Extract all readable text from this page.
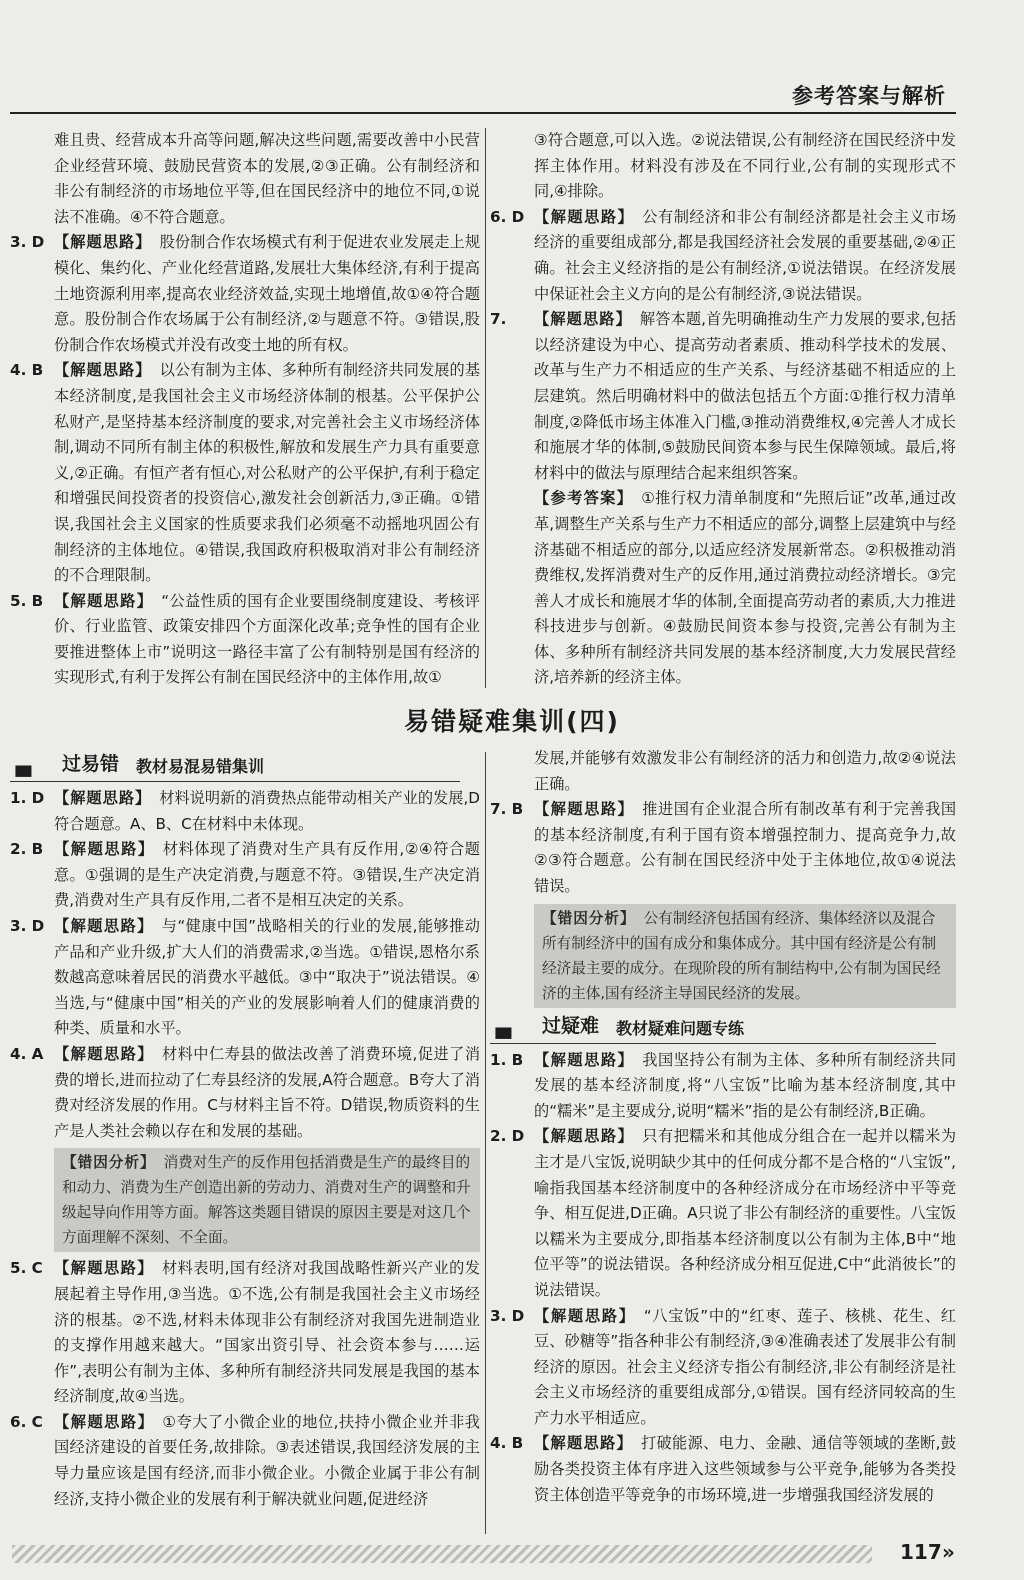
参考答案与解析
难且贵、经营成本升高等问题,解决这些问题,需要改善中小民营企业经营环境、鼓励民营资本的发展,②③正确。公有制经济和非公有制经济的市场地位平等,但在国民经济中的地位不同,①说法不准确。④不符合题意。
3. D 【解题思路】 股份制合作农场模式有利于促进农业发展走上规模化、集约化、产业化经营道路,发展壮大集体经济,有利于提高土地资源利用率,提高农业经济效益,实现土地增值,故①④符合题意。股份制合作农场属于公有制经济,②与题意不符。③错误,股份制合作农场模式并没有改变土地的所有权。
4. B 【解题思路】 以公有制为主体、多种所有制经济共同发展的基本经济制度,是我国社会主义市场经济体制的根基。公平保护公私财产,是坚持基本经济制度的要求,对完善社会主义市场经济体制,调动不同所有制主体的积极性,解放和发展生产力具有重要意义,②正确。有恒产者有恒心,对公私财产的公平保护,有利于稳定和增强民间投资者的投资信心,激发社会创新活力,③正确。①错误,我国社会主义国家的性质要求我们必须毫不动摇地巩固公有制经济的主体地位。④错误,我国政府积极取消对非公有制经济的不合理限制。
5. B 【解题思路】 “公益性质的国有企业要围绕制度建设、考核评价、行业监管、政策安排四个方面深化改革;竞争性的国有企业要推进整体上市”说明这一路径丰富了公有制特别是国有经济的实现形式,有利于发挥公有制在国民经济中的主体作用,故①
③符合题意,可以入选。②说法错误,公有制经济在国民经济中发挥主体作用。材料没有涉及在不同行业,公有制的实现形式不同,④排除。
6. D 【解题思路】 公有制经济和非公有制经济都是社会主义市场经济的重要组成部分,都是我国经济社会发展的重要基础,②④正确。社会主义经济指的是公有制经济,①说法错误。在经济发展中保证社会主义方向的是公有制经济,③说法错误。
7. 【解题思路】 解答本题,首先明确推动生产力发展的要求,包括以经济建设为中心、提高劳动者素质、推动科学技术的发展、改革与生产力不相适应的生产关系、与经济基础不相适应的上层建筑。然后明确材料中的做法包括五个方面:①推行权力清单制度,②降低市场主体准入门槛,③推动消费维权,④完善人才成长和施展才华的体制,⑤鼓励民间资本参与民生保障领域。最后,将材料中的做法与原理结合起来组织答案。
【参考答案】 ①推行权力清单制度和“先照后证”改革,通过改革,调整生产关系与生产力不相适应的部分,调整上层建筑中与经济基础不相适应的部分,以适应经济发展新常态。②积极推动消费维权,发挥消费对生产的反作用,通过消费拉动经济增长。③完善人才成长和施展才华的体制,全面提高劳动者的素质,大力推进科技进步与创新。④鼓励民间资本参与投资,完善公有制为主体、多种所有制经济共同发展的基本经济制度,大力发展民营经济,培养新的经济主体。
易错疑难集训(四)
▮▮▮ 过易错 教材易混易错集训
1. D 【解题思路】 材料说明新的消费热点能带动相关产业的发展,D符合题意。A、B、C在材料中未体现。
2. B 【解题思路】 材料体现了消费对生产具有反作用,②④符合题意。①强调的是生产决定消费,与题意不符。③错误,生产决定消费,消费对生产具有反作用,二者不是相互决定的关系。
3. D 【解题思路】 与“健康中国”战略相关的行业的发展,能够推动产品和产业升级,扩大人们的消费需求,②当选。①错误,恩格尔系数越高意味着居民的消费水平越低。③中“取决于”说法错误。④当选,与“健康中国”相关的产业的发展影响着人们的健康消费的种类、质量和水平。
4. A 【解题思路】 材料中仁寿县的做法改善了消费环境,促进了消费的增长,进而拉动了仁寿县经济的发展,A符合题意。B夸大了消费对经济发展的作用。C与材料主旨不符。D错误,物质资料的生产是人类社会赖以存在和发展的基础。
【错因分析】 消费对生产的反作用包括消费是生产的最终目的和动力、消费为生产创造出新的劳动力、消费对生产的调整和升级起导向作用等方面。解答这类题目错误的原因主要是对这几个方面理解不深刻、不全面。
5. C 【解题思路】 材料表明,国有经济对我国战略性新兴产业的发展起着主导作用,③当选。①不选,公有制是我国社会主义市场经济的根基。②不选,材料未体现非公有制经济对我国先进制造业的支撑作用越来越大。“国家出资引导、社会资本参与……运作”,表明公有制为主体、多种所有制经济共同发展是我国的基本经济制度,故④当选。
6. C 【解题思路】 ①夸大了小微企业的地位,扶持小微企业并非我国经济建设的首要任务,故排除。③表述错误,我国经济发展的主导力量应该是国有经济,而非小微企业。小微企业属于非公有制经济,支持小微企业的发展有利于解决就业问题,促进经济
发展,并能够有效激发非公有制经济的活力和创造力,故②④说法正确。
7. B 【解题思路】 推进国有企业混合所有制改革有利于完善我国的基本经济制度,有利于国有资本增强控制力、提高竞争力,故②③符合题意。公有制在国民经济中处于主体地位,故①④说法错误。
【错因分析】 公有制经济包括国有经济、集体经济以及混合所有制经济中的国有成分和集体成分。其中国有经济是公有制经济最主要的成分。在现阶段的所有制结构中,公有制为国民经济的主体,国有经济主导国民经济的发展。
▮▮▮ 过疑难 教材疑难问题专练
1. B 【解题思路】 我国坚持公有制为主体、多种所有制经济共同发展的基本经济制度,将“八宝饭”比喻为基本经济制度,其中的“糯米”是主要成分,说明“糯米”指的是公有制经济,B正确。
2. D 【解题思路】 只有把糯米和其他成分组合在一起并以糯米为主才是八宝饭,说明缺少其中的任何成分都不是合格的“八宝饭”,喻指我国基本经济制度中的各种经济成分在市场经济中平等竞争、相互促进,D正确。A只说了非公有制经济的重要性。八宝饭以糯米为主要成分,即指基本经济制度以公有制为主体,B中“地位平等”的说法错误。各种经济成分相互促进,C中“此消彼长”的说法错误。
3. D 【解题思路】 “八宝饭”中的“红枣、莲子、核桃、花生、红豆、砂糖等”指各种非公有制经济,③④准确表述了发展非公有制经济的原因。社会主义经济专指公有制经济,非公有制经济是社会主义市场经济的重要组成部分,①错误。国有经济同较高的生产力水平相适应。
4. B 【解题思路】 打破能源、电力、金融、通信等领域的垄断,鼓励各类投资主体有序进入这些领域参与公平竞争,能够为各类投资主体创造平等竞争的市场环境,进一步增强我国经济发展的
117 »
